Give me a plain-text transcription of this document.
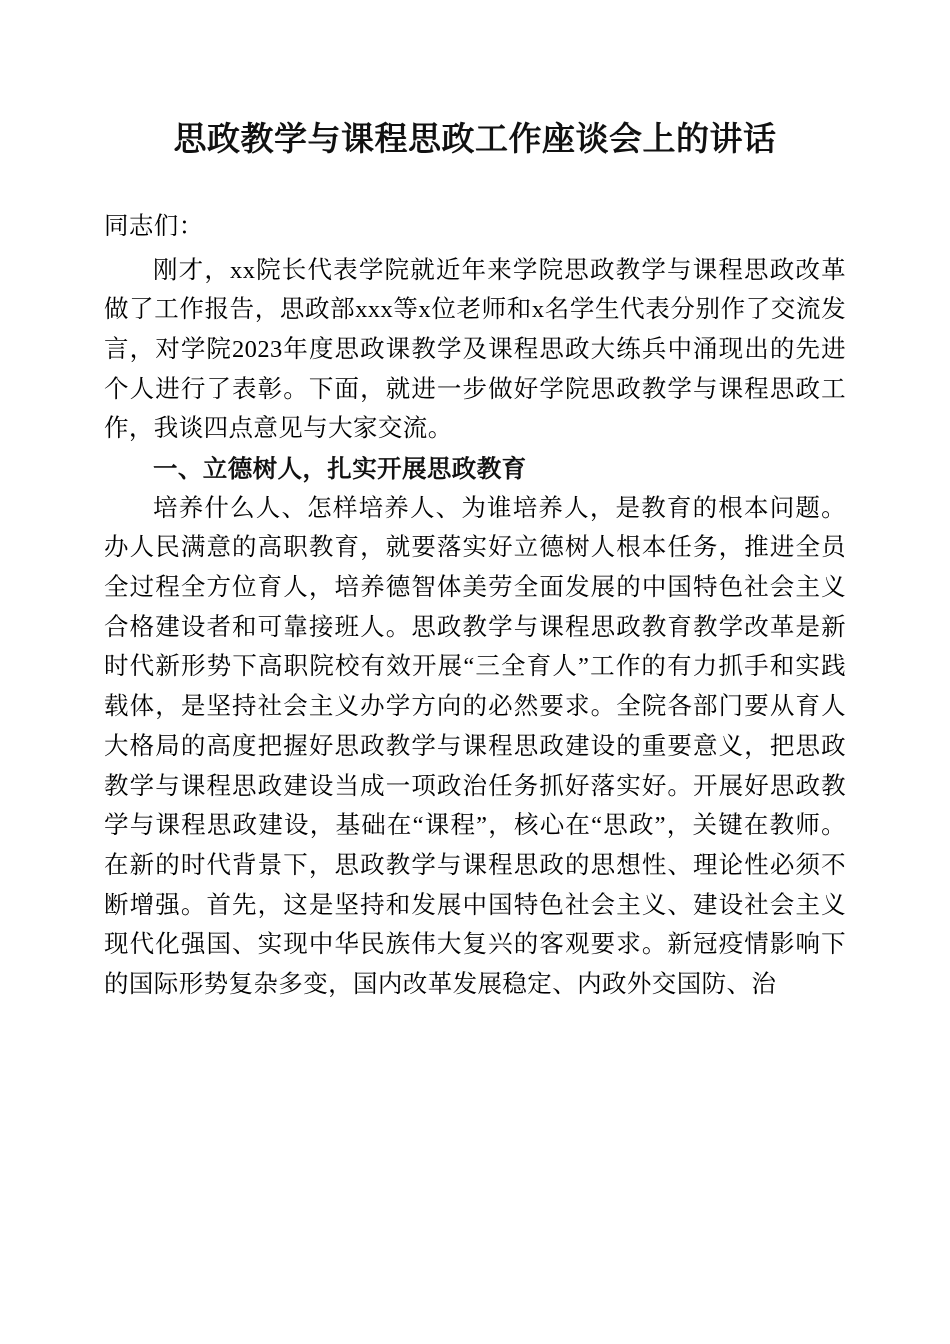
思政教学与课程思政工作座谈会上的讲话

同志们：

刚才，xx院长代表学院就近年来学院思政教学与课程思政改革做了工作报告，思政部xxx等x位老师和x名学生代表分别作了交流发言，对学院2023年度思政课教学及课程思政大练兵中涌现出的先进个人进行了表彰。下面，就进一步做好学院思政教学与课程思政工作，我谈四点意见与大家交流。

一、立德树人，扎实开展思政教育

培养什么人、怎样培养人、为谁培养人，是教育的根本问题。办人民满意的高职教育，就要落实好立德树人根本任务，推进全员全过程全方位育人，培养德智体美劳全面发展的中国特色社会主义合格建设者和可靠接班人。思政教学与课程思政教育教学改革是新时代新形势下高职院校有效开展“三全育人”工作的有力抓手和实践载体，是坚持社会主义办学方向的必然要求。全院各部门要从育人大格局的高度把握好思政教学与课程思政建设的重要意义，把思政教学与课程思政建设当成一项政治任务抓好落实好。开展好思政教学与课程思政建设，基础在“课程”，核心在“思政”，关键在教师。在新的时代背景下，思政教学与课程思政的思想性、理论性必须不断增强。首先，这是坚持和发展中国特色社会主义、建设社会主义现代化强国、实现中华民族伟大复兴的客观要求。新冠疫情影响下的国际形势复杂多变，国内改革发展稳定、内政外交国防、治
